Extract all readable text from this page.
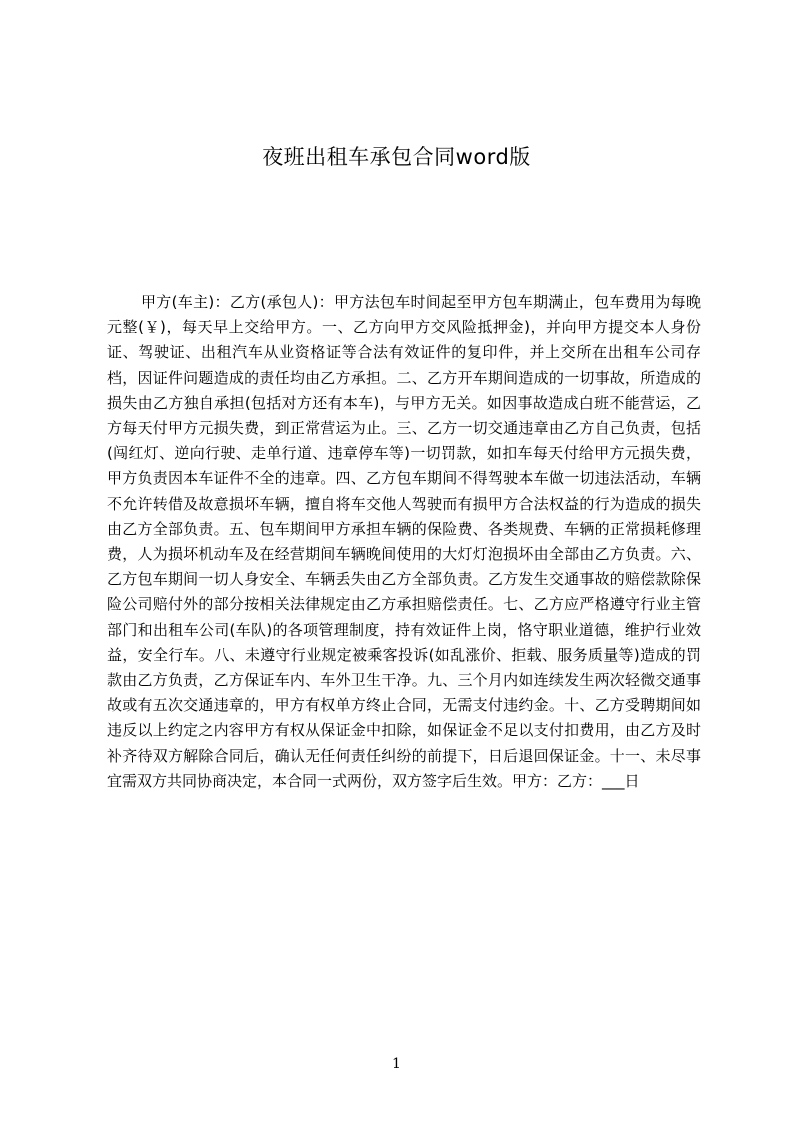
夜班出租车承包合同word版

甲方(车主)：乙方(承包人)：甲方法包车时间起至甲方包车期满止，包车费用为每晚元整(￥)，每天早上交给甲方。一、乙方向甲方交风险抵押金)，并向甲方提交本人身份证、驾驶证、出租汽车从业资格证等合法有效证件的复印件，并上交所在出租车公司存档，因证件问题造成的责任均由乙方承担。二、乙方开车期间造成的一切事故，所造成的损失由乙方独自承担(包括对方还有本车)，与甲方无关。如因事故造成白班不能营运，乙方每天付甲方元损失费，到正常营运为止。三、乙方一切交通违章由乙方自己负责，包括(闯红灯、逆向行驶、走单行道、违章停车等)一切罚款，如扣车每天付给甲方元损失费，甲方负责因本车证件不全的违章。四、乙方包车期间不得驾驶本车做一切违法活动，车辆不允许转借及故意损坏车辆，擅自将车交他人驾驶而有损甲方合法权益的行为造成的损失由乙方全部负责。五、包车期间甲方承担车辆的保险费、各类规费、车辆的正常损耗修理费，人为损坏机动车及在经营期间车辆晚间使用的大灯灯泡损坏由全部由乙方负责。六、乙方包车期间一切人身安全、车辆丢失由乙方全部负责。乙方发生交通事故的赔偿款除保险公司赔付外的部分按相关法律规定由乙方承担赔偿责任。七、乙方应严格遵守行业主管部门和出租车公司(车队)的各项管理制度，持有效证件上岗，恪守职业道德，维护行业效益，安全行车。八、未遵守行业规定被乘客投诉(如乱涨价、拒载、服务质量等)造成的罚款由乙方负责，乙方保证车内、车外卫生干净。九、三个月内如连续发生两次轻微交通事故或有五次交通违章的，甲方有权单方终止合同，无需支付违约金。十、乙方受聘期间如违反以上约定之内容甲方有权从保证金中扣除，如保证金不足以支付扣费用，由乙方及时补齐待双方解除合同后，确认无任何责任纠纷的前提下，日后退回保证金。十一、未尽事宜需双方共同协商决定，本合同一式两份，双方签字后生效。甲方：乙方：___日

1
